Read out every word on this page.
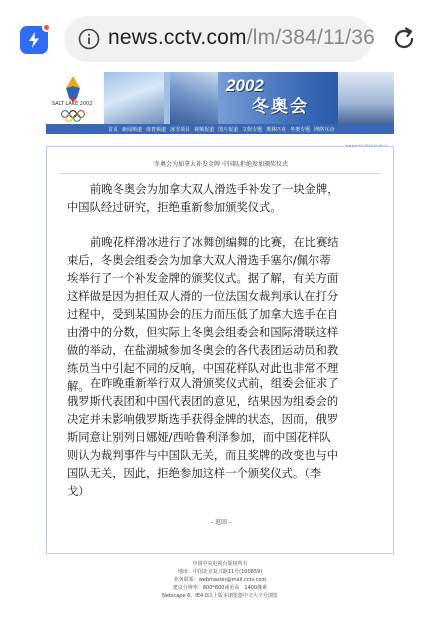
news.cctv.com/lm/384/11/36
SALT LAKE 2002
2002
冬奥会
首页 新闻频道 体育频道 冰雪项目 视频报道 图片报道 文娱专题 奥林匹克 冬奥专题 网络互动
冬奥会为加拿大补发金牌 中国队拒绝参加颁奖仪式
前晚冬奥会为加拿大双人滑选手补发了一块金牌，
中国队经过研究，拒绝重新参加颁奖仪式。
前晚花样滑冰进行了冰舞创编舞的比赛，在比赛结
束后，冬奥会组委会为加拿大双人滑选手塞尔/佩尔蒂
埃举行了一个补发金牌的颁奖仪式。据了解，有关方面
这样做是因为担任双人滑的一位法国女裁判承认在打分
过程中，受到某国协会的压力而压低了加拿大选手在自
由滑中的分数，但实际上冬奥会组委会和国际滑联这样
做的举动，在盐湖城参加冬奥会的各代表团运动员和教
练员当中引起不同的反响，中国花样队对此也非常不理
解。 在昨晚重新举行双人滑颁奖仪式前，组委会征求了
俄罗斯代表团和中国代表团的意见，结果因为组委会的
决定并未影响俄罗斯选手获得金牌的状态，因而，俄罗
斯同意让别列日娜娅/西哈鲁利泽参加，而中国花样队
则认为裁判事件与中国队无关，而且奖牌的改变也与中
国队无关，因此，拒绝参加这样一个颁奖仪式。（李
戈）
- 返回 -
中国中央电视台版权所有
地址：中国北京复兴路11号(100859)
业务联系：webmaster@mail.cctv.com
建议分辨率：800*600或更高　1400像素
Netscape 6、IE4.0以上版本浏览器中文大字号浏览
